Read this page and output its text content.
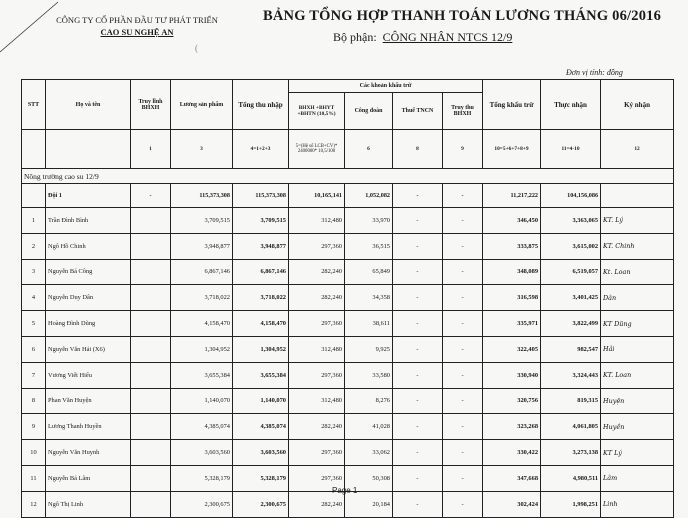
CÔNG TY CỔ PHẦN ĐẦU TƯ PHÁT TRIỂN
CAO SU NGHỆ AN
(
BẢNG TỔNG HỢP THANH TOÁN LƯƠNG THÁNG 06/2016
Bộ phận: CÔNG NHÂN NTCS 12/9
Đơn vị tính: đồng
STT	Họ và tên	Truy lĩnh BHXH	Lương sản phẩm	Tổng thu nhập	Các khoản khấu trừ				Tổng khấu trừ	Thực nhận	Ký nhận
					BHXH +BHYT +BHTN (10,5%)	Công đoàn	Thuế TNCN	Truy thu BHXH			
		1	3	4=1+2+3	5=(Hệ số LCB+CV)* 2400000* 10,5/100	6	8	9	10=5+6+7+8+9	11=4-10	12
Nông trường cao su 12/9											
	Đội 1	-	115,373,308	115,373,308	10,165,141	1,052,082	-	-	11,217,222	104,156,086	
1	Trần Đình Bình		3,709,515	3,709,515	312,480	33,970	-	-	346,450	3,363,065	KT. Lý
2	Ngô Hồ Chinh		3,948,877	3,948,877	297,360	36,515	-	-	333,875	3,615,002	KT. Chinh
3	Nguyễn Bá Công		6,867,146	6,867,146	282,240	65,849	-	-	348,089	6,519,057	Kt. Loan
4	Nguyễn Duy Dân		3,718,022	3,718,022	282,240	34,358	-	-	316,598	3,401,425	Dân
5	Hoàng Đình Dũng		4,158,470	4,158,470	297,360	38,611	-	-	335,971	3,822,499	KT Dũng
6	Nguyễn Văn Hải (X6)		1,304,952	1,304,952	312,480	9,925	-	-	322,405	982,547	Hải
7	Vương Viết Hiếu		3,655,384	3,655,384	297,360	33,580	-	-	330,940	3,324,443	KT. Loan
8	Phan Văn Huyện		1,140,070	1,140,070	312,480	8,276	-	-	320,756	819,315	Huyện
9	Lương Thanh Huyền		4,385,074	4,385,074	282,240	41,028	-	-	323,268	4,061,805	Huyền
10	Nguyễn Văn Huynh		3,603,560	3,603,560	297,360	33,062	-	-	330,422	3,273,138	KT Lý
11	Nguyễn Bá Lâm		5,328,179	5,328,179	297,360	50,308	-	-	347,668	4,980,511	Lâm
12	Ngô Thị Linh		2,300,675	2,300,675	282,240	20,184	-	-	302,424	1,998,251	Linh
Page 1
